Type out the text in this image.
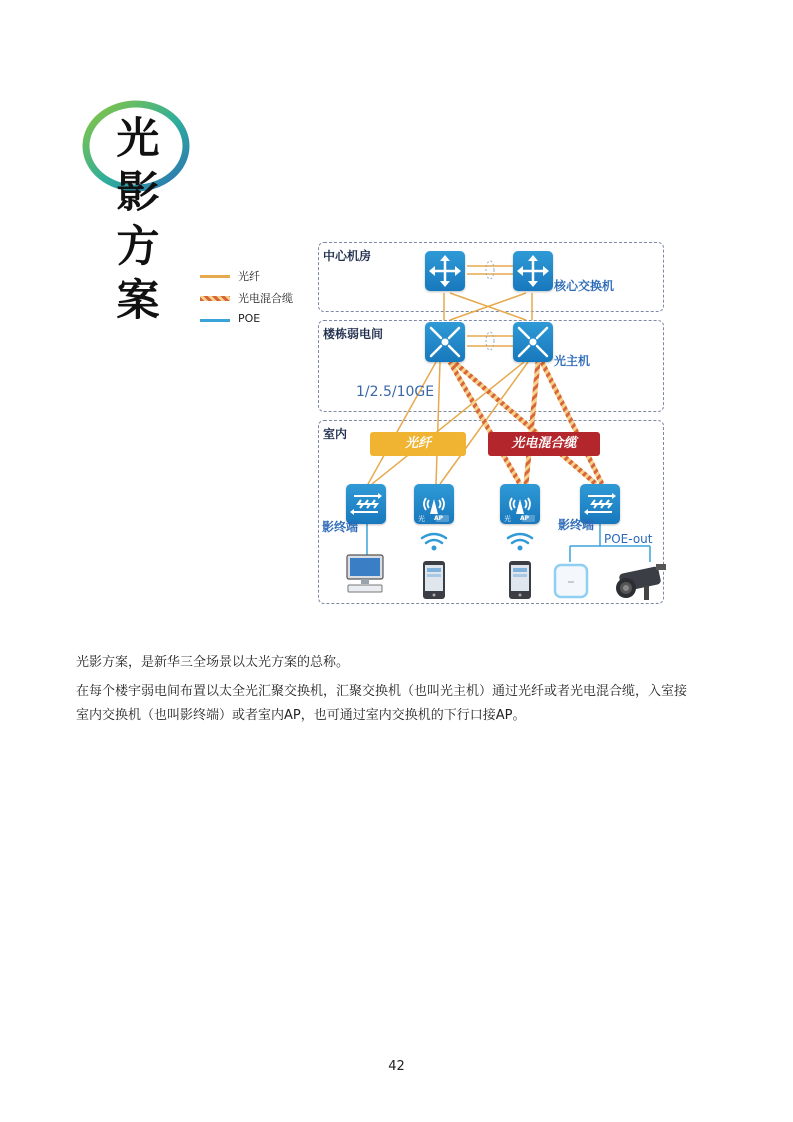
光
影
方
案	光纤
光电混合缆
POE
中心机房
楼栋弱电间
室内
核心交换机
光主机
1/2.5/10GE
光纤	光电混合缆
光 AP	光 AP
影终端	影终端
POE-out
光影方案，是新华三全场景以太光方案的总称。
在每个楼宇弱电间布置以太全光汇聚交换机，汇聚交换机（也叫光主机）通过光纤或者光电混合缆，入室接室内交换机（也叫影终端）或者室内AP，也可通过室内交换机的下行口接AP。
42
